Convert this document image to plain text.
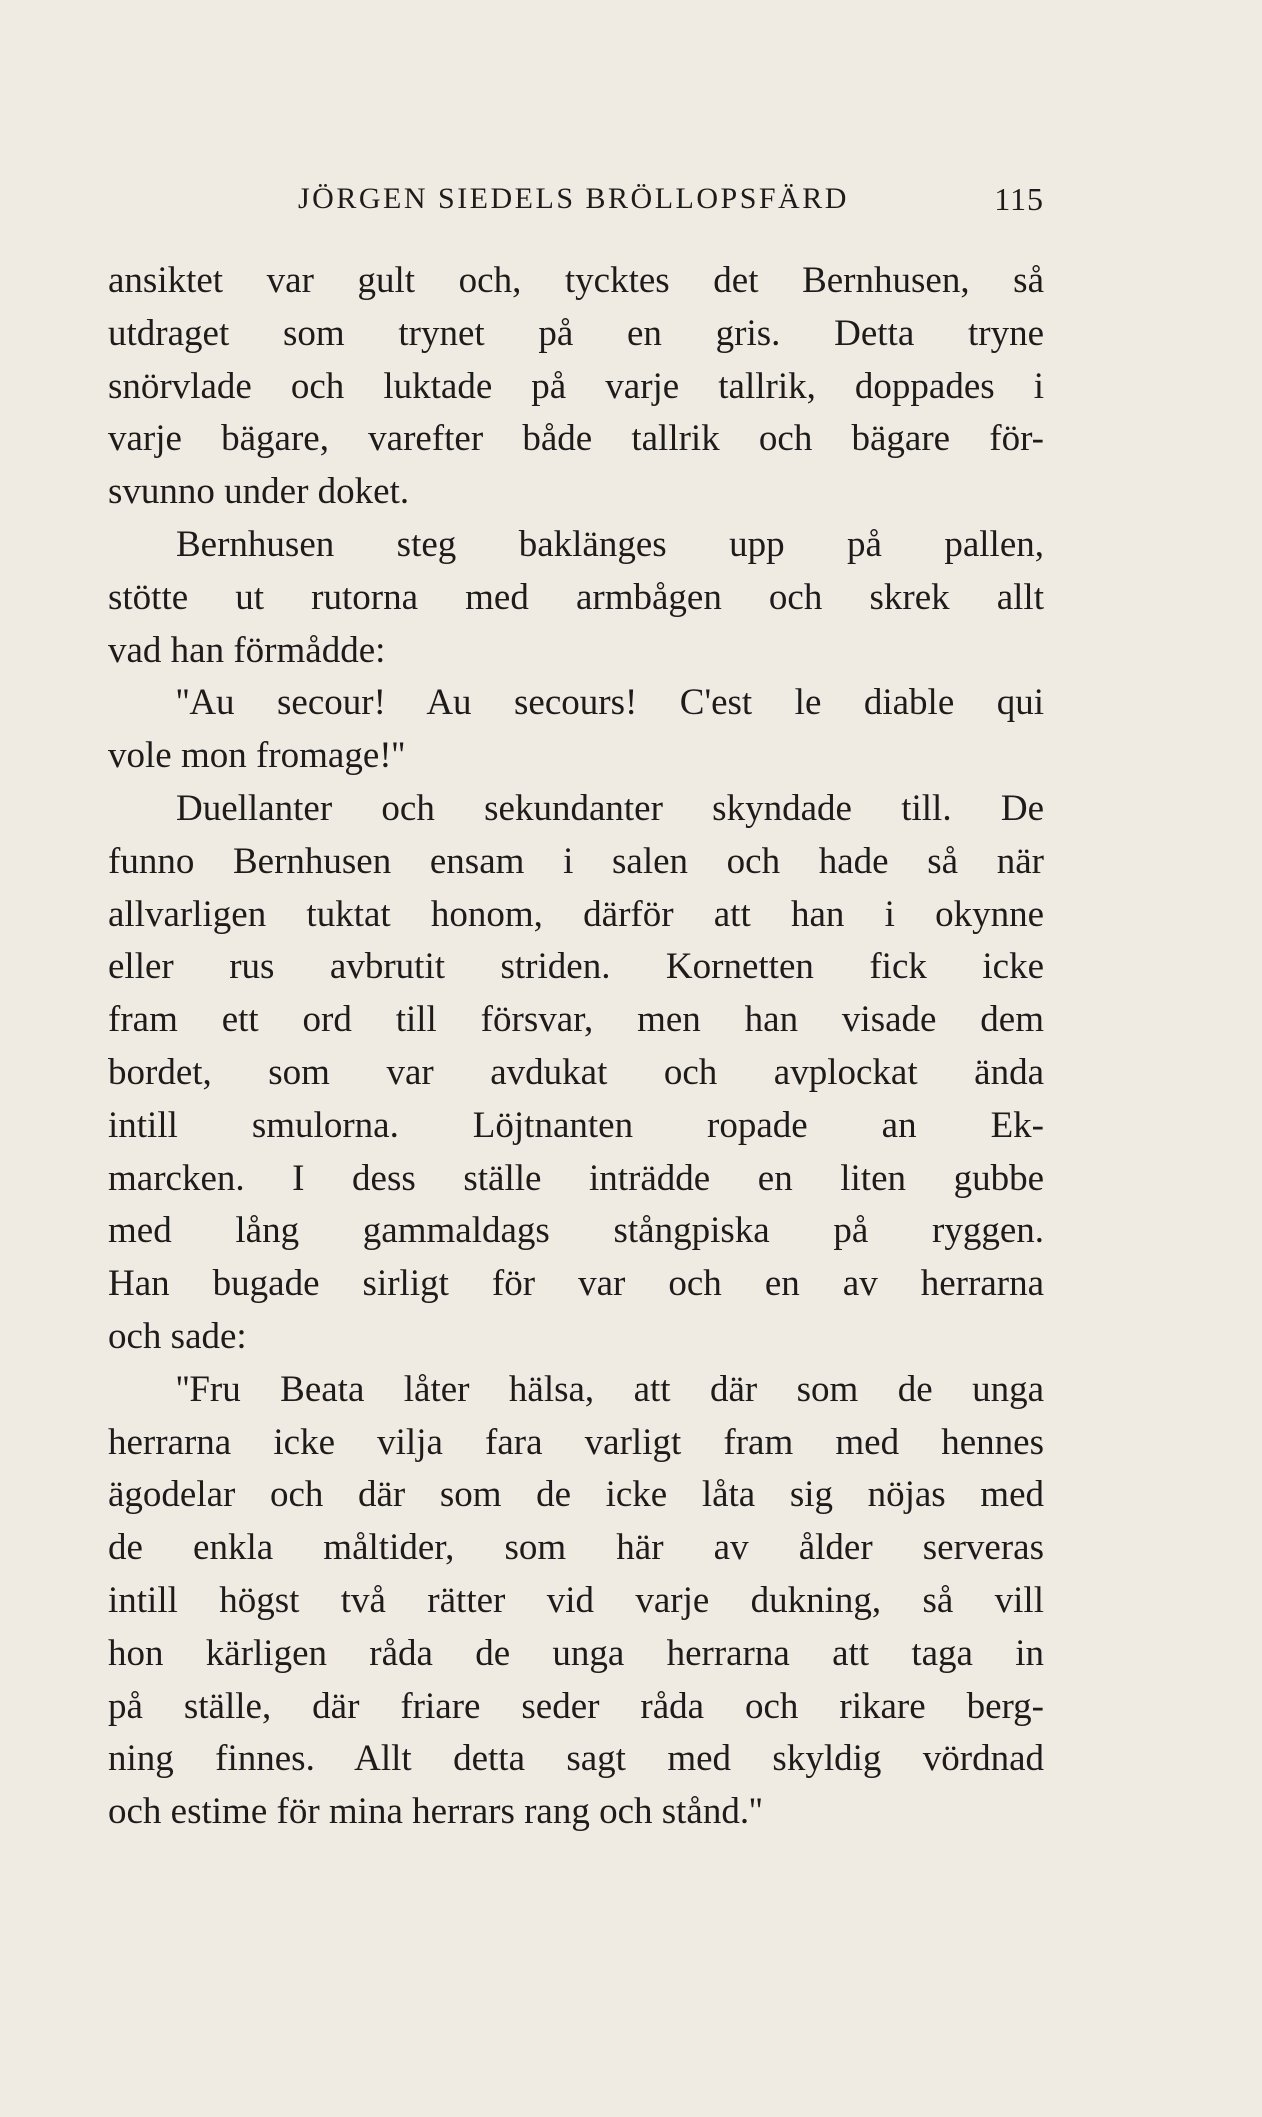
JÖRGEN SIEDELS BRÖLLOPSFÄRD	115
ansiktet var gult och, tycktes det Bernhusen, så
utdraget som trynet på en gris. Detta tryne
snörvlade och luktade på varje tallrik, doppades i
varje bägare, varefter både tallrik och bägare för-
svunno under doket.
Bernhusen steg baklänges upp på pallen,
stötte ut rutorna med armbågen och skrek allt
vad han förmådde:
''Au secour! Au secours! C'est le diable qui
vole mon fromage!''
Duellanter och sekundanter skyndade till. De
funno Bernhusen ensam i salen och hade så när
allvarligen tuktat honom, därför att han i okynne
eller rus avbrutit striden. Kornetten fick icke
fram ett ord till försvar, men han visade dem
bordet, som var avdukat och avplockat ända
intill smulorna. Löjtnanten ropade an Ek-
marcken. I dess ställe inträdde en liten gubbe
med lång gammaldags stångpiska på ryggen.
Han bugade sirligt för var och en av herrarna
och sade:
''Fru Beata låter hälsa, att där som de unga
herrarna icke vilja fara varligt fram med hennes
ägodelar och där som de icke låta sig nöjas med
de enkla måltider, som här av ålder serveras
intill högst två rätter vid varje dukning, så vill
hon kärligen råda de unga herrarna att taga in
på ställe, där friare seder råda och rikare berg-
ning finnes. Allt detta sagt med skyldig vördnad
och estime för mina herrars rang och stånd.''
